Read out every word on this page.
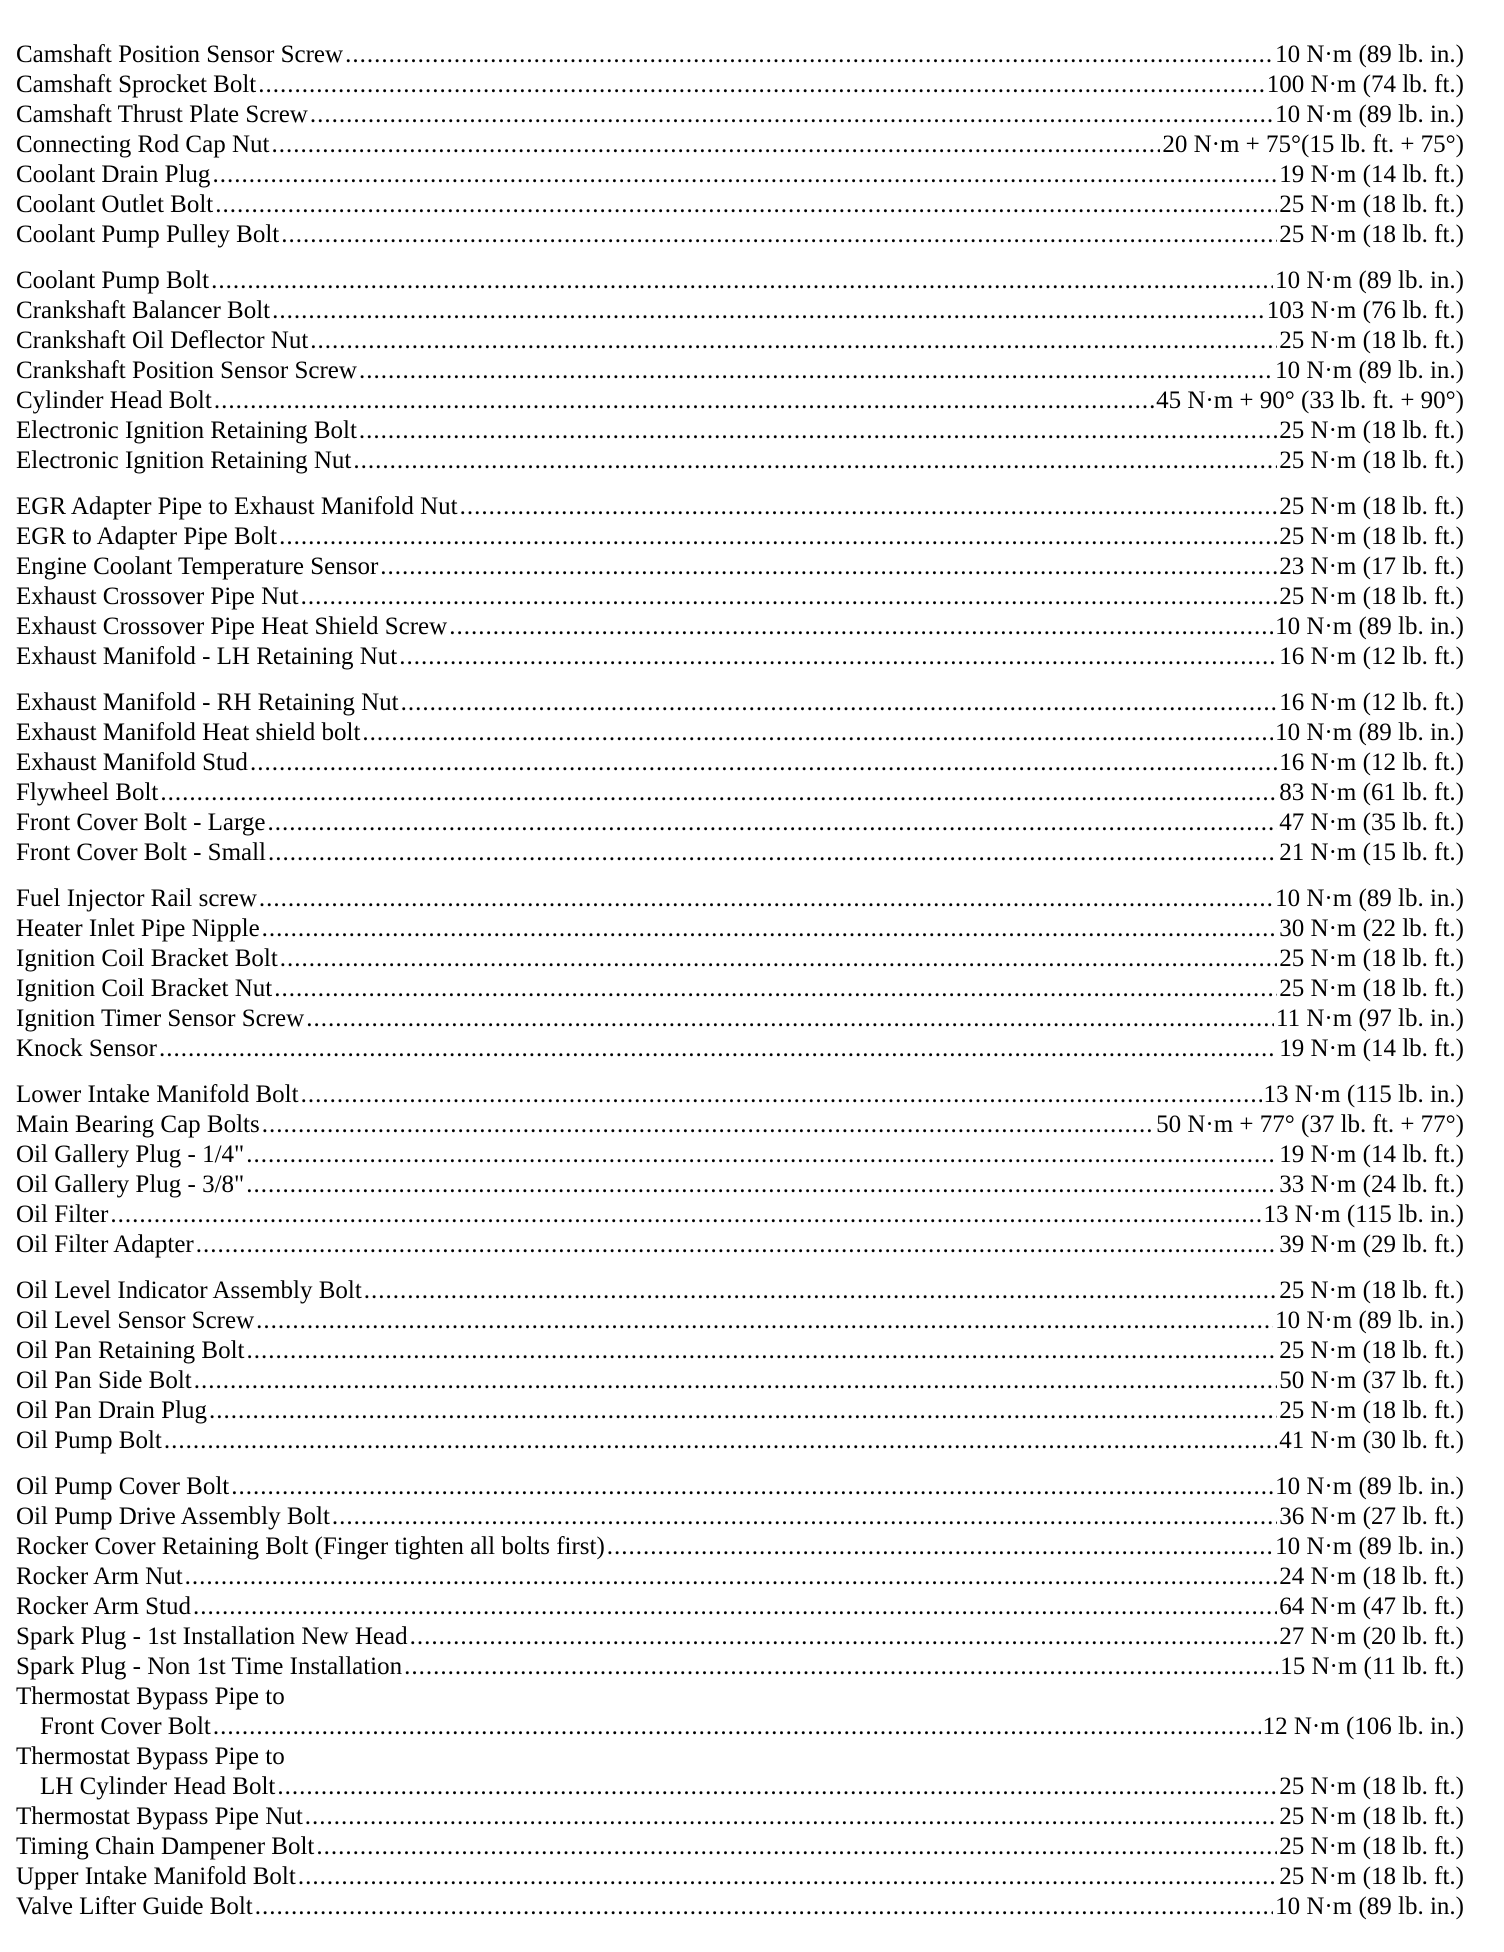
Camshaft Position Sensor Screw .....	10 N·m (89 lb. in.)
Camshaft Sprocket Bolt .....	100 N·m (74 lb. ft.)
Camshaft Thrust Plate Screw .....	10 N·m (89 lb. in.)
Connecting Rod Cap Nut .....	20 N·m + 75°(15 lb. ft. + 75°)
Coolant Drain Plug .....	19 N·m (14 lb. ft.)
Coolant Outlet Bolt .....	25 N·m (18 lb. ft.)
Coolant Pump Pulley Bolt .....	25 N·m (18 lb. ft.)
Coolant Pump Bolt .....	10 N·m (89 lb. in.)
Crankshaft Balancer Bolt .....	103 N·m (76 lb. ft.)
Crankshaft Oil Deflector Nut .....	25 N·m (18 lb. ft.)
Crankshaft Position Sensor Screw .....	10 N·m (89 lb. in.)
Cylinder Head Bolt .....	45 N·m + 90° (33 lb. ft. + 90°)
Electronic Ignition Retaining Bolt .....	25 N·m (18 lb. ft.)
Electronic Ignition Retaining Nut .....	25 N·m (18 lb. ft.)
EGR Adapter Pipe to Exhaust Manifold Nut .....	25 N·m (18 lb. ft.)
EGR to Adapter Pipe Bolt .....	25 N·m (18 lb. ft.)
Engine Coolant Temperature Sensor .....	23 N·m (17 lb. ft.)
Exhaust Crossover Pipe Nut .....	25 N·m (18 lb. ft.)
Exhaust Crossover Pipe Heat Shield Screw .....	10 N·m (89 lb. in.)
Exhaust Manifold - LH Retaining Nut .....	16 N·m (12 lb. ft.)
Exhaust Manifold - RH Retaining Nut .....	16 N·m (12 lb. ft.)
Exhaust Manifold Heat shield bolt .....	10 N·m (89 lb. in.)
Exhaust Manifold Stud .....	16 N·m (12 lb. ft.)
Flywheel Bolt .....	83 N·m (61 lb. ft.)
Front Cover Bolt - Large .....	47 N·m (35 lb. ft.)
Front Cover Bolt - Small .....	21 N·m (15 lb. ft.)
Fuel Injector Rail screw .....	10 N·m (89 lb. in.)
Heater Inlet Pipe Nipple .....	30 N·m (22 lb. ft.)
Ignition Coil Bracket Bolt .....	25 N·m (18 lb. ft.)
Ignition Coil Bracket Nut .....	25 N·m (18 lb. ft.)
Ignition Timer Sensor Screw .....	11 N·m (97 lb. in.)
Knock Sensor .....	19 N·m (14 lb. ft.)
Lower Intake Manifold Bolt .....	13 N·m (115 lb. in.)
Main Bearing Cap Bolts .....	50 N·m + 77° (37 lb. ft. + 77°)
Oil Gallery Plug - 1/4" .....	19 N·m (14 lb. ft.)
Oil Gallery Plug - 3/8" .....	33 N·m (24 lb. ft.)
Oil Filter .....	13 N·m (115 lb. in.)
Oil Filter Adapter .....	39 N·m (29 lb. ft.)
Oil Level Indicator Assembly Bolt .....	25 N·m (18 lb. ft.)
Oil Level Sensor Screw .....	10 N·m (89 lb. in.)
Oil Pan Retaining Bolt .....	25 N·m (18 lb. ft.)
Oil Pan Side Bolt .....	50 N·m (37 lb. ft.)
Oil Pan Drain Plug .....	25 N·m (18 lb. ft.)
Oil Pump Bolt .....	41 N·m (30 lb. ft.)
Oil Pump Cover Bolt .....	10 N·m (89 lb. in.)
Oil Pump Drive Assembly Bolt .....	36 N·m (27 lb. ft.)
Rocker Cover Retaining Bolt (Finger tighten all bolts first) .....	10 N·m (89 lb. in.)
Rocker Arm Nut .....	24 N·m (18 lb. ft.)
Rocker Arm Stud .....	64 N·m (47 lb. ft.)
Spark Plug - 1st Installation New Head .....	27 N·m (20 lb. ft.)
Spark Plug - Non 1st Time Installation .....	15 N·m (11 lb. ft.)
Thermostat Bypass Pipe to
Front Cover Bolt .....	12 N·m (106 lb. in.)
Thermostat Bypass Pipe to
LH Cylinder Head Bolt .....	25 N·m (18 lb. ft.)
Thermostat Bypass Pipe Nut .....	25 N·m (18 lb. ft.)
Timing Chain Dampener Bolt .....	25 N·m (18 lb. ft.)
Upper Intake Manifold Bolt .....	25 N·m (18 lb. ft.)
Valve Lifter Guide Bolt .....	10 N·m (89 lb. in.)
